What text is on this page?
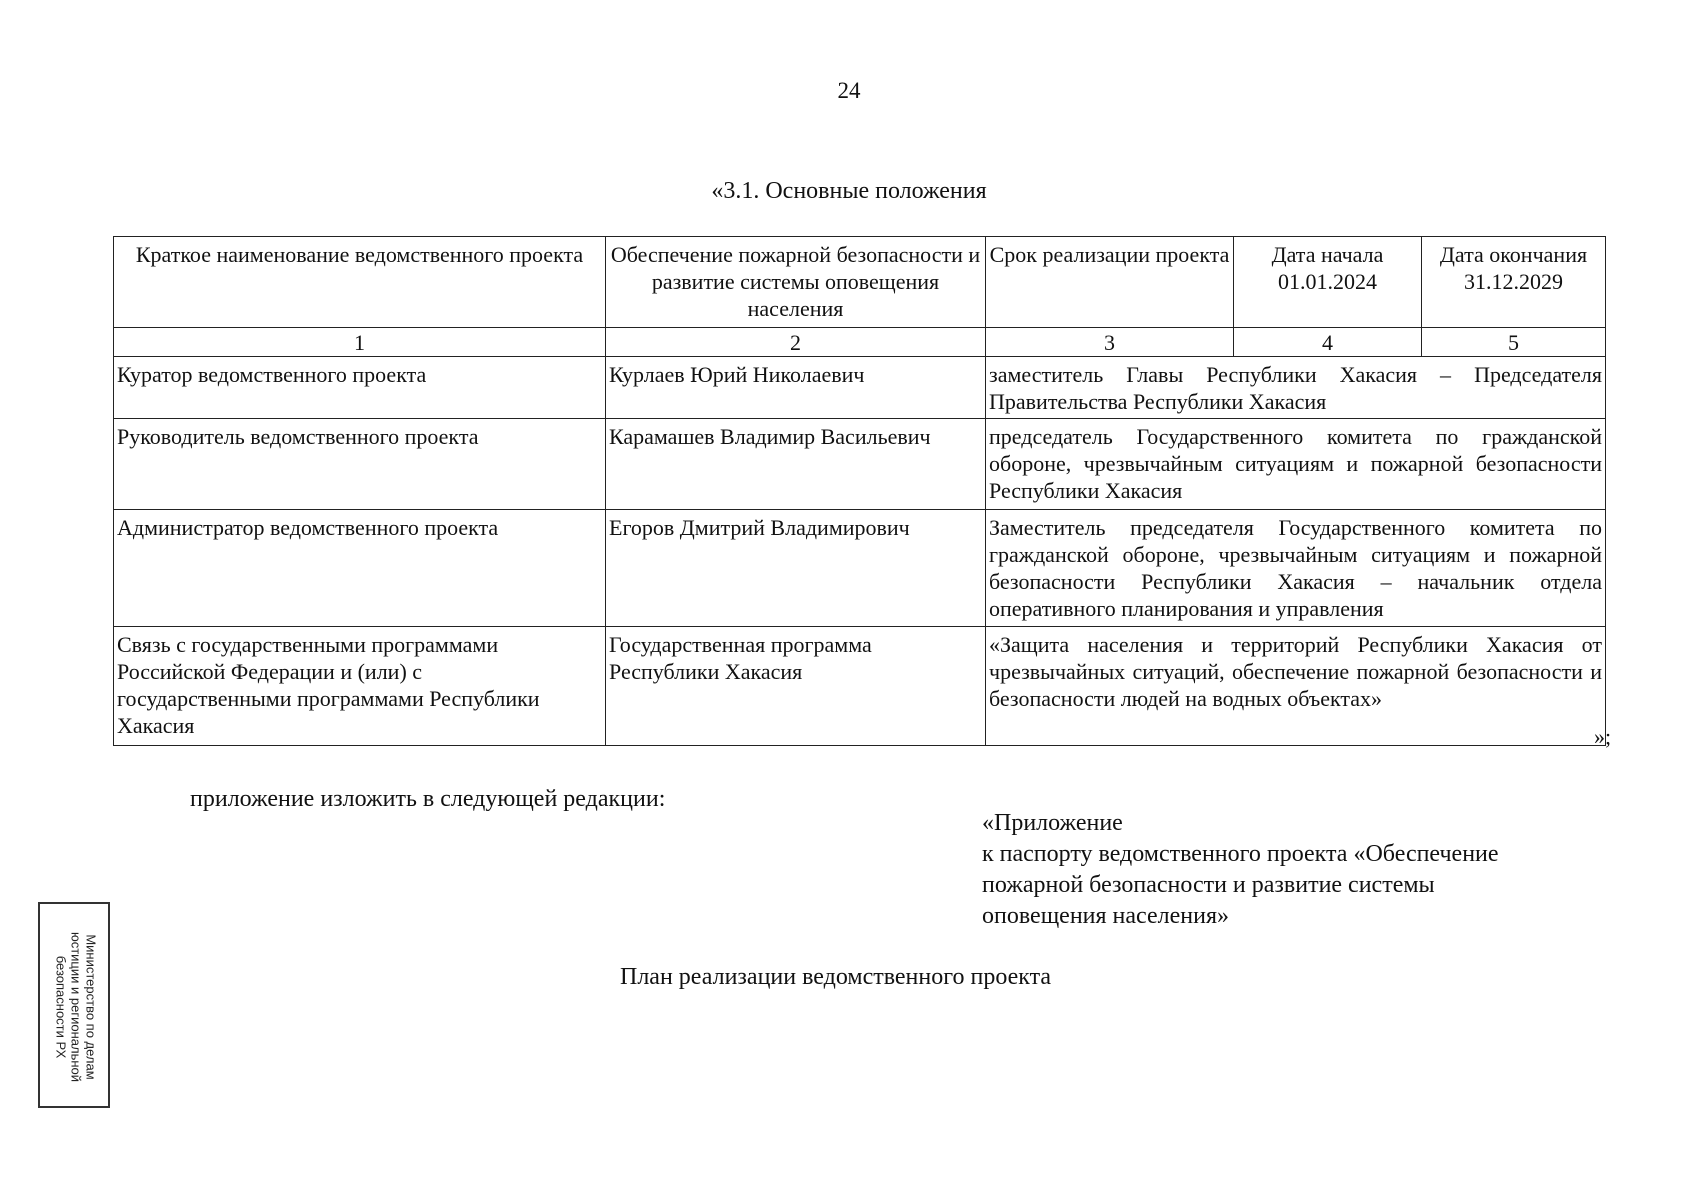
24
«3.1. Основные положения
Краткое наименование ведомственного проекта	Обеспечение пожарной безопасности и развитие системы оповещения населения	Срок реализации проекта	Дата начала 01.01.2024	Дата окончания 31.12.2029
1	2	3	4	5
Куратор ведомственного проекта	Курлаев Юрий Николаевич	заместитель Главы Республики Хакасия – Председателя Правительства Республики Хакасия		
Руководитель ведомственного проекта	Карамашев Владимир Васильевич	председатель Государственного комитета по гражданской обороне, чрезвычайным ситуациям и пожарной безопасности Республики Хакасия		
Администратор ведомственного проекта	Егоров Дмитрий Владимирович	Заместитель председателя Государственного комитета по гражданской обороне, чрезвычайным ситуациям и пожарной безопасности Республики Хакасия – начальник отдела оперативного планирования и управления		
Связь с государственными программами Российской Федерации и (или) с государственными программами Республики Хакасия	Государственная программа Республики Хакасия	«Защита населения и территорий Республики Хакасия от чрезвычайных ситуаций, обеспечение пожарной безопасности и безопасности людей на водных объектах»		
»;
приложение изложить в следующей редакции:
«Приложение
к паспорту ведомственного проекта «Обеспечение
пожарной безопасности и развитие системы
оповещения населения»
План реализации ведомственного проекта
Министерство по делам
юстиции и региональной
безопасности РХ
